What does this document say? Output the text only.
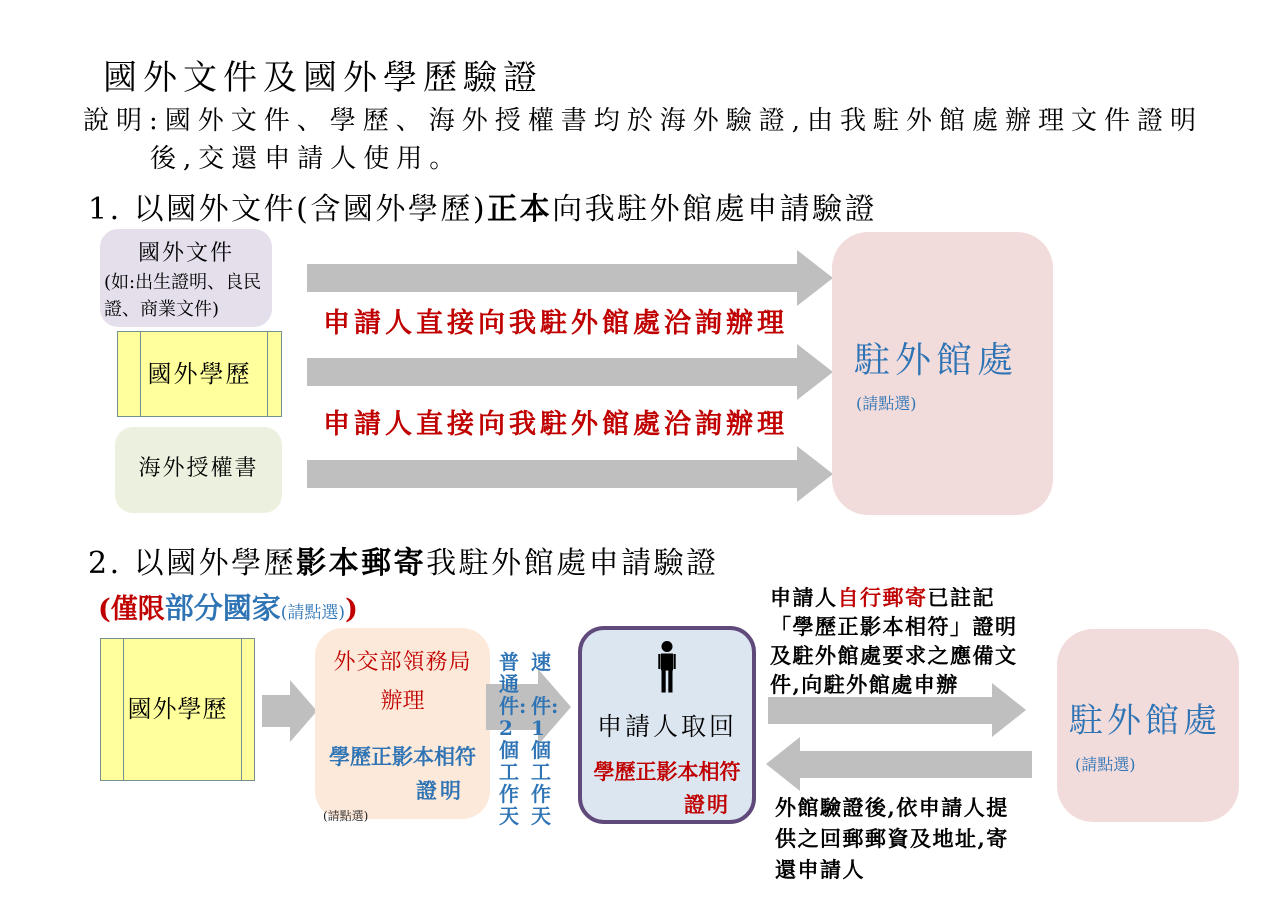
國外文件及國外學歷驗證
說明:國外文件、學歷、海外授權書均於海外驗證,由我駐外館處辦理文件證明
後,交還申請人使用。
1. 以國外文件(含國外學歷)正本向我駐外館處申請驗證
國外文件
(如:出生證明、良民證、商業文件)
國外學歷
海外授權書
申請人直接向我駐外館處洽詢辦理
申請人直接向我駐外館處洽詢辦理
駐外館處
(請點選)
2. 以國外學歷影本郵寄我駐外館處申請驗證
(僅限部分國家(請點選))
國外學歷
外交部領務局
辦理
學歷正影本相符
證明
(請點選)
普通件:2個工作天
速
件:1個工作天
申請人取回
學歷正影本相符
證明
申請人自行郵寄已註記
「學歷正影本相符」證明
及駐外館處要求之應備文
件,向駐外館處申辦
外館驗證後,依申請人提
供之回郵郵資及地址,寄
還申請人
駐外館處
(請點選)
